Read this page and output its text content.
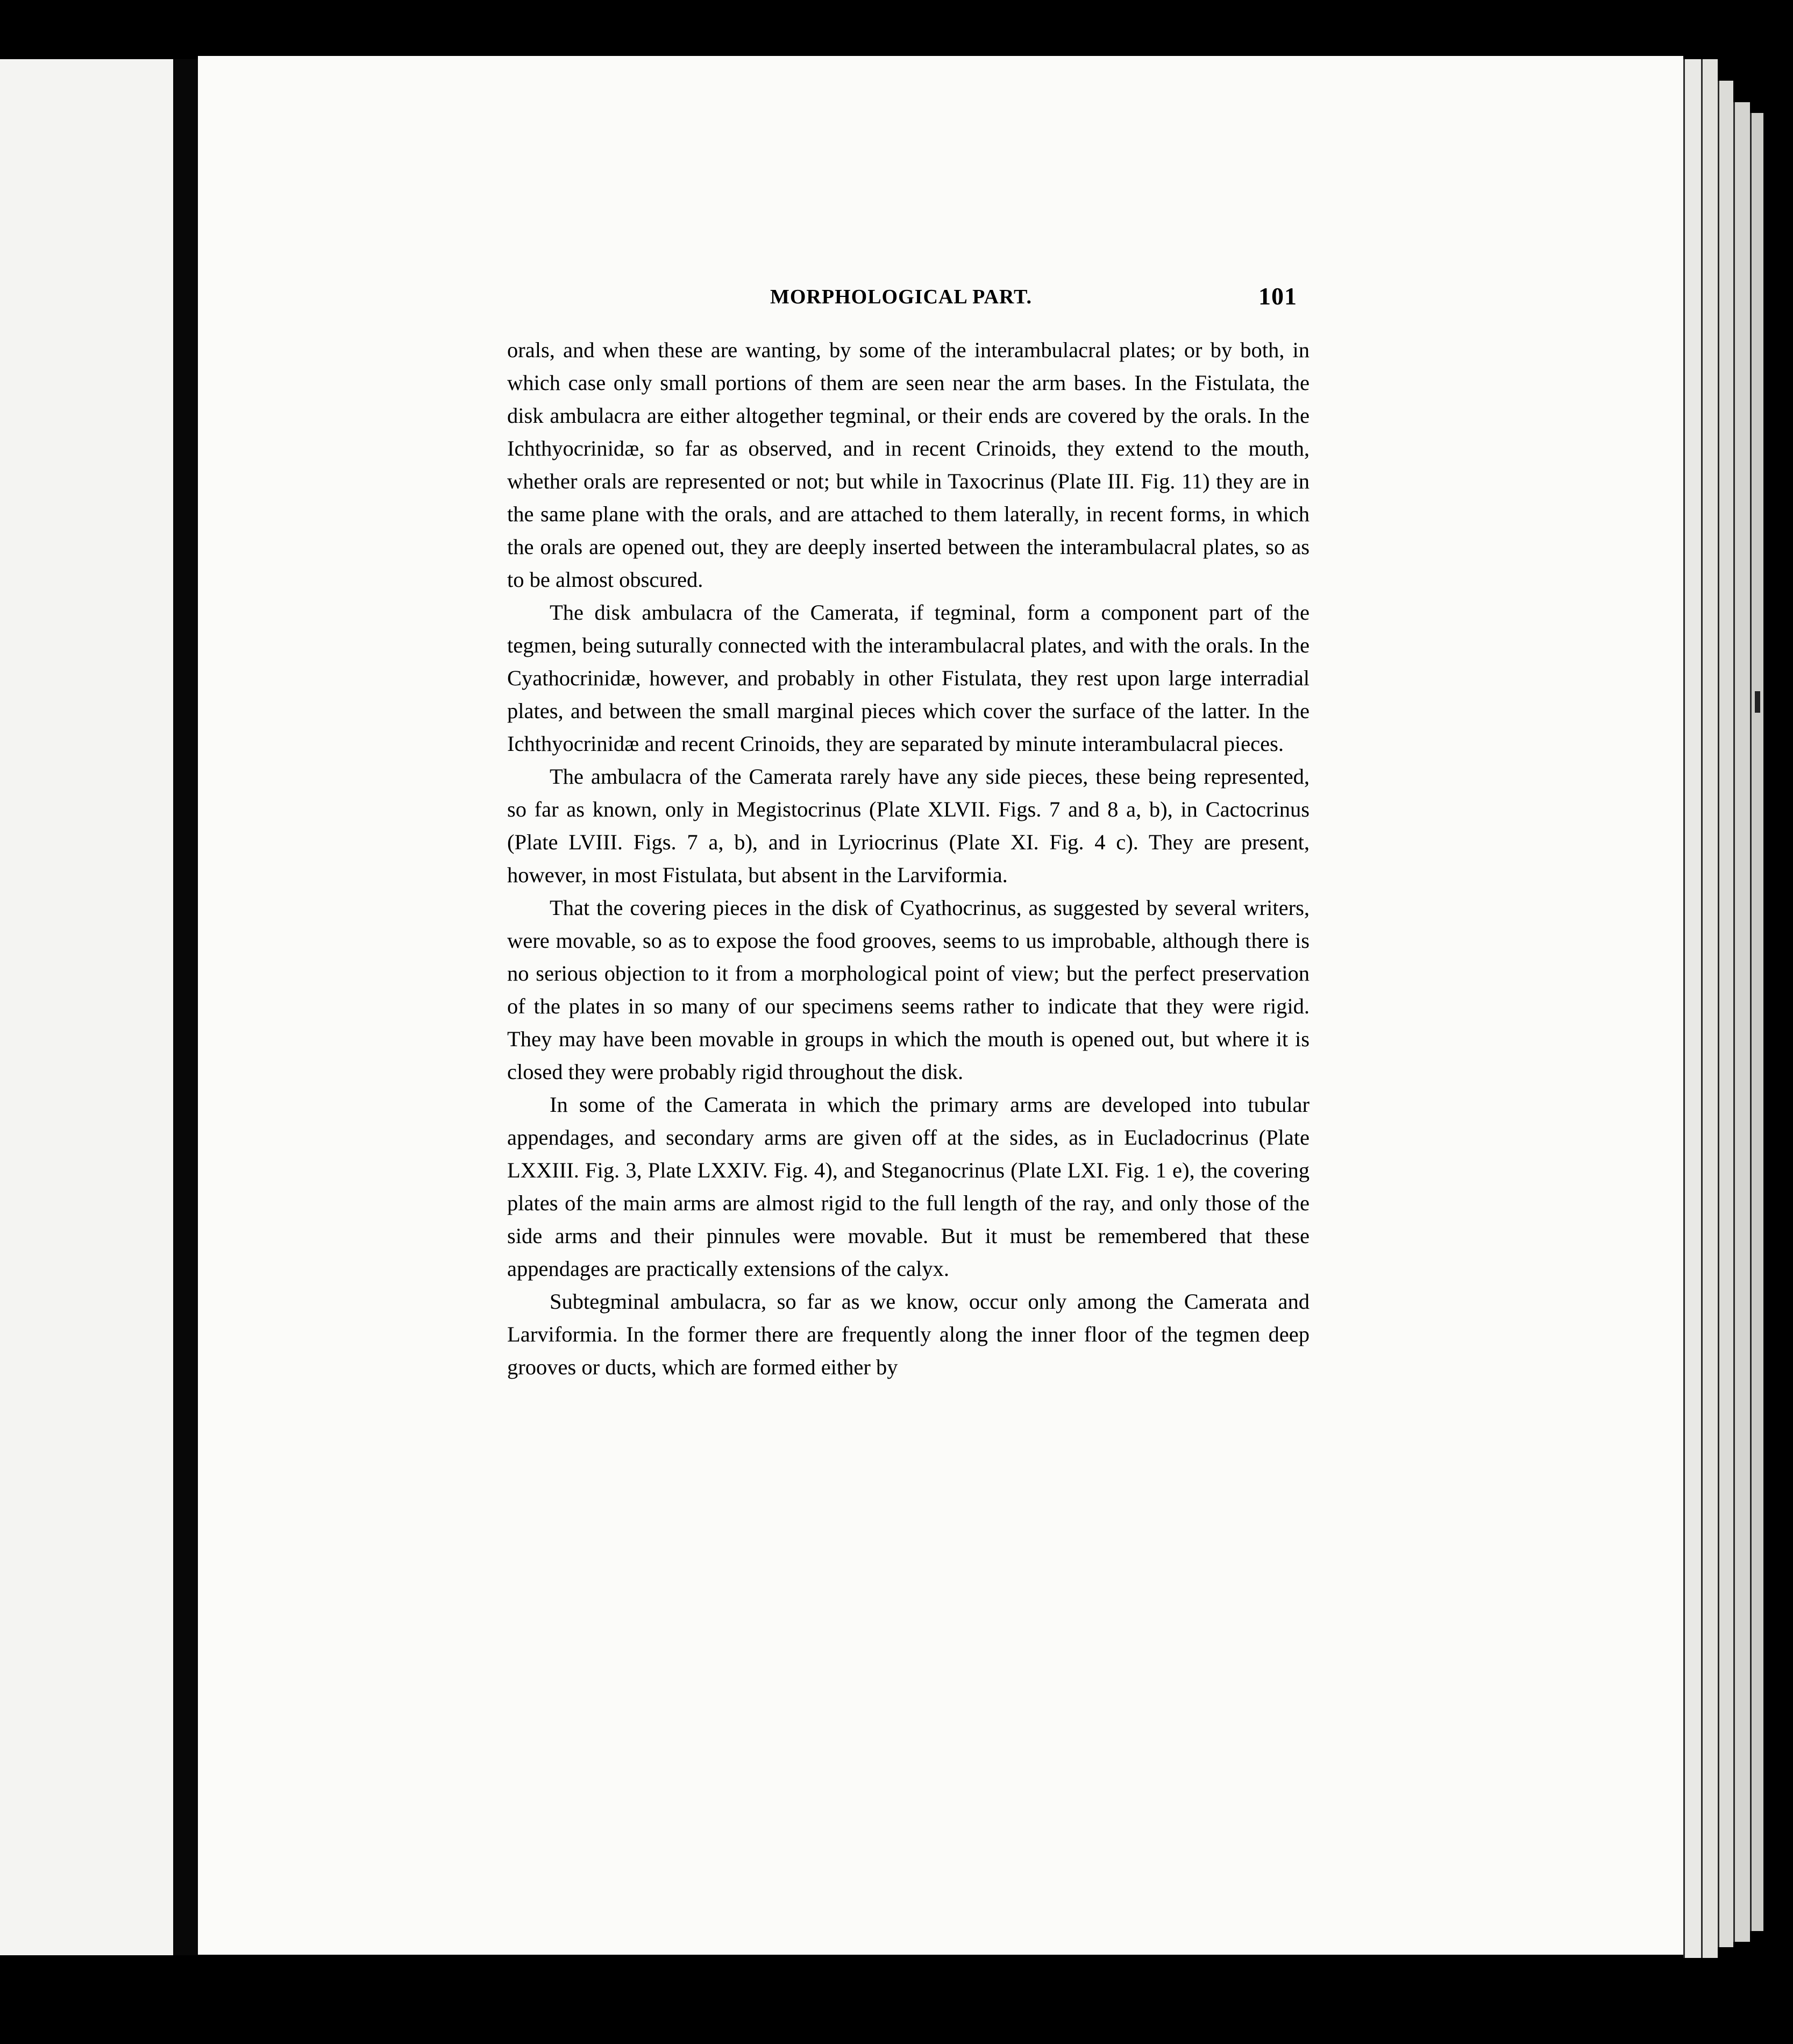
MORPHOLOGICAL PART.	101

orals, and when these are wanting, by some of the interambulacral plates; or by both, in which case only small portions of them are seen near the arm bases. In the Fistulata, the disk ambulacra are either altogether tegminal, or their ends are covered by the orals. In the Ichthyocrinidæ, so far as observed, and in recent Crinoids, they extend to the mouth, whether orals are represented or not; but while in Taxocrinus (Plate III. Fig. 11) they are in the same plane with the orals, and are attached to them laterally, in recent forms, in which the orals are opened out, they are deeply inserted between the interambulacral plates, so as to be almost obscured.

The disk ambulacra of the Camerata, if tegminal, form a component part of the tegmen, being suturally connected with the interambulacral plates, and with the orals. In the Cyathocrinidæ, however, and probably in other Fistulata, they rest upon large interradial plates, and between the small marginal pieces which cover the surface of the latter. In the Ichthyocrinidæ and recent Crinoids, they are separated by minute interambulacral pieces.

The ambulacra of the Camerata rarely have any side pieces, these being represented, so far as known, only in Megistocrinus (Plate XLVII. Figs. 7 and 8 a, b), in Cactocrinus (Plate LVIII. Figs. 7 a, b), and in Lyriocrinus (Plate XI. Fig. 4 c). They are present, however, in most Fistulata, but absent in the Larviformia.

That the covering pieces in the disk of Cyathocrinus, as suggested by several writers, were movable, so as to expose the food grooves, seems to us improbable, although there is no serious objection to it from a morphological point of view; but the perfect preservation of the plates in so many of our specimens seems rather to indicate that they were rigid. They may have been movable in groups in which the mouth is opened out, but where it is closed they were probably rigid throughout the disk.

In some of the Camerata in which the primary arms are developed into tubular appendages, and secondary arms are given off at the sides, as in Eucladocrinus (Plate LXXIII. Fig. 3, Plate LXXIV. Fig. 4), and Steganocrinus (Plate LXI. Fig. 1 e), the covering plates of the main arms are almost rigid to the full length of the ray, and only those of the side arms and their pinnules were movable. But it must be remembered that these appendages are practically extensions of the calyx.

Subtegminal ambulacra, so far as we know, occur only among the Camerata and Larviformia. In the former there are frequently along the inner floor of the tegmen deep grooves or ducts, which are formed either by
